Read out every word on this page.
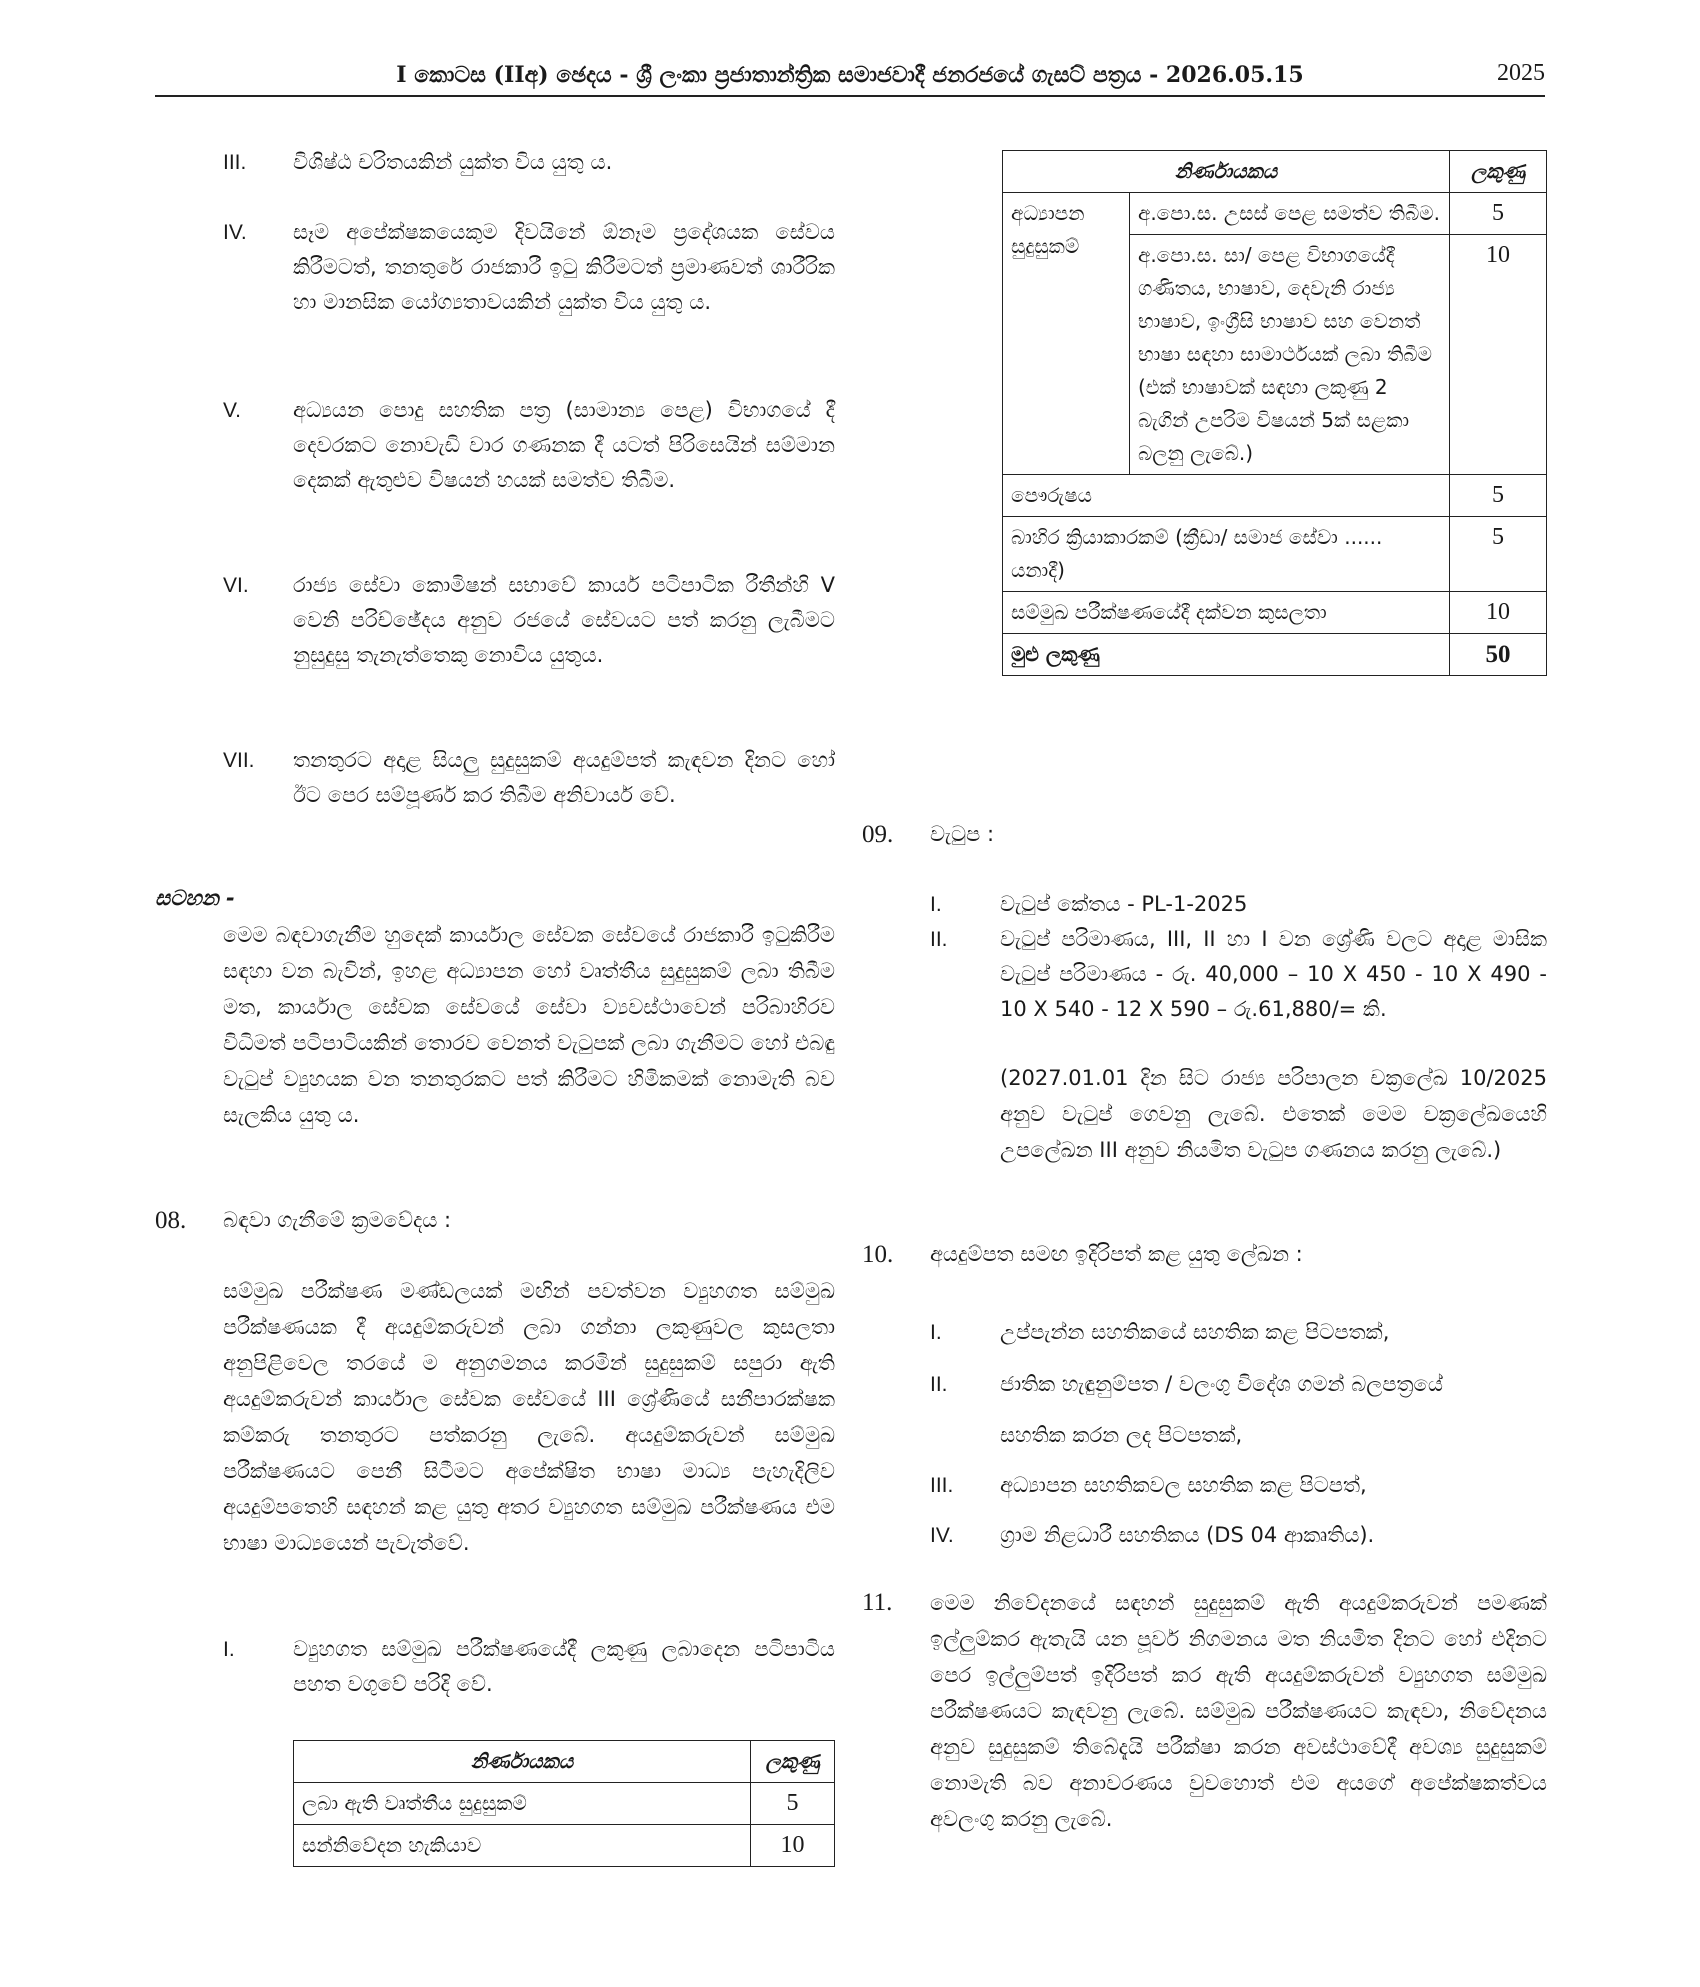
I කොටස (IIඅ) ඡෙදය - ශ්‍රී ලංකා ප්‍රජාතාන්ත්‍රික සමාජවාදී ජනරජයේ ගැසට් පත්‍රය - 2026.05.15	2025
III. විශිෂ්ඨ චරිතයකින් යුක්ත විය යුතු ය.
IV. සෑම අපේක්ෂකයෙකුම දිවයිනේ ඕනෑම ප්‍රදේශයක සේවය කිරීමටත්, තනතුරේ රාජකාරී ඉටු කිරීමටත් ප්‍රමාණවත් ශාරීරික හා මානසික යෝග්‍යතාවයකින් යුක්ත විය යුතු ය.
V. අධ්‍යයන පොදු සහතික පත්‍ර (සාමාන්‍ය පෙළ) විභාගයේ දී දෙවරකට නොවැඩි වාර ගණනක දී යටත් පිරිසෙයින් සම්මාන දෙකක් ඇතුළුව විෂයන් හයක් සමත්ව තිබීම.
VI. රාජ්‍ය සේවා කොමිෂන් සභාවේ කාර්ය පටිපාටික රීතීන්හි V වෙනි පරිච්ඡේදය අනුව රජයේ සේවයට පත් කරනු ලැබීමට නුසුදුසු තැනැත්තෙකු නොවිය යුතුය.
VII. තනතුරට අදාළ සියලු සුදුසුකම් අයදුම්පත් කැඳවන දිනට හෝ ඊට පෙර සම්පූර්ණ කර තිබීම අනිවාර්ය වේ.
සටහන -
මෙම බඳවාගැනීම හුදෙක් කාර්යාල සේවක සේවයේ රාජකාරී ඉටුකිරීම සඳහා වන බැවින්, ඉහළ අධ්‍යාපන හෝ වෘත්තීය සුදුසුකම් ලබා තිබීම මත, කාර්යාල සේවක සේවයේ සේවා ව්‍යවස්ථාවෙන් පරිබාහිරව විධිමත් පටිපාටියකින් තොරව වෙනත් වැටුපක් ලබා ගැනීමට හෝ එබඳු වැටුප් ව්‍යුහයක වන තනතුරකට පත් කිරීමට හිමිකමක් නොමැති බව සැලකිය යුතු ය.
08. බඳවා ගැනීමේ ක්‍රමවේදය :
සම්මුඛ පරීක්ෂණ මණ්ඩලයක් මඟින් පවත්වන ව්‍යුහගත සම්මුඛ පරීක්ෂණයක දී අයදුම්කරුවන් ලබා ගන්නා ලකුණුවල කුසලතා අනුපිළිවෙල තරයේ ම අනුගමනය කරමින් සුදුසුකම් සපුරා ඇති අයදුම්කරුවන් කාර්යාල සේවක සේවයේ III ශ්‍රේණියේ සනීපාරක්ෂක කම්කරු තනතුරට පත්කරනු ලැබේ. අයදුම්කරුවන් සම්මුඛ පරීක්ෂණයට පෙනී සිටීමට අපේක්ෂිත භාෂා මාධ්‍ය පැහැදිලිව අයදුම්පතෙහි සඳහන් කළ යුතු අතර ව්‍යුහගත සම්මුඛ පරීක්ෂණය එම භාෂා මාධ්‍යයෙන් පැවැත්වේ.
I.	ව්‍යුහගත සම්මුඛ පරීක්ෂණයේදී ලකුණු ලබාදෙන පටිපාටිය පහත වගුවේ පරිදි වේ.
නිර්ණායකය	ලකුණු
ලබා ඇති වෘත්තීය සුදුසුකම්	5
සන්නිවේදන හැකියාව	10
නිර්ණායකය		ලකුණු
අධ්‍යාපන සුදුසුකම්	අ.පො.ස. උසස් පෙළ සමත්ව තිබීම.	5
	අ.පො.ස. සා/ පෙළ විභාගයේදී ගණිතය, භාෂාව, දෙවැනි රාජ්‍ය භාෂාව, ඉංග්‍රීසි භාෂාව සහ වෙනත් භාෂා සඳහා සාමාර්ථයක් ලබා තිබීම (එක් භාෂාවක් සඳහා ලකුණු 2 බැගින් උපරිම විෂයන් 5ක් සළකා බලනු ලැබේ.)	10
පෞරුෂය		5
බාහිර ක්‍රියාකාරකම් (ක්‍රීඩා/ සමාජ සේවා ...... යනාදී)		5
සම්මුඛ පරීක්ෂණයේදී දක්වන කුසලතා		10
මුළු ලකුණු		50
09. වැටුප :
I.	වැටුප් කේතය - PL-1-2025
II. වැටුප් පරිමාණය, III, II හා I වන ශ්‍රේණි වලට අදාළ මාසික වැටුප් පරිමාණය - රු. 40,000 – 10 X 450 - 10 X 490 - 10 X 540 - 12 X 590 – රු.61,880/= කි.
(2027.01.01 දින සිට රාජ්‍ය පරිපාලන චක්‍රලේඛ 10/2025 අනුව වැටුප් ගෙවනු ලැබේ. එතෙක් මෙම චක්‍රලේඛයෙහි උපලේඛන III අනුව නියමිත වැටුප ගණනය කරනු ලැබේ.)
10. අයදුම්පත සමඟ ඉදිරිපත් කළ යුතු ලේඛන :
I.	උප්පැන්න සහතිකයේ සහතික කළ පිටපතක්,
II. ජාතික හැඳුනුම්පත / වලංගු විදේශ ගමන් බලපත්‍රයේ
සහතික කරන ලද පිටපතක්,
III. අධ්‍යාපන සහතිකවල සහතික කළ පිටපත්,
IV. ග්‍රාම නිළධාරී සහතිකය (DS 04 ආකෘතිය).
11. මෙම නිවේදනයේ සඳහන් සුදුසුකම් ඇති අයදුම්කරුවන් පමණක් ඉල්ලුම්කර ඇතැයි යන පූර්ව නිගමනය මත නියමිත දිනට හෝ එදිනට පෙර ඉල්ලුම්පත් ඉදිරිපත් කර ඇති අයදුම්කරුවන් ව්‍යුහගත සම්මුඛ පරීක්ෂණයට කැඳවනු ලැබේ. සම්මුඛ පරීක්ෂණයට කැඳවා, නිවේදනය අනුව සුදුසුකම් තිබේදැයි පරීක්ෂා කරන අවස්ථාවේදී අවශ්‍ය සුදුසුකම් නොමැති බව අනාවරණය වුවහොත් එම අයගේ අපේක්ෂකත්වය අවලංගු කරනු ලැබේ.
